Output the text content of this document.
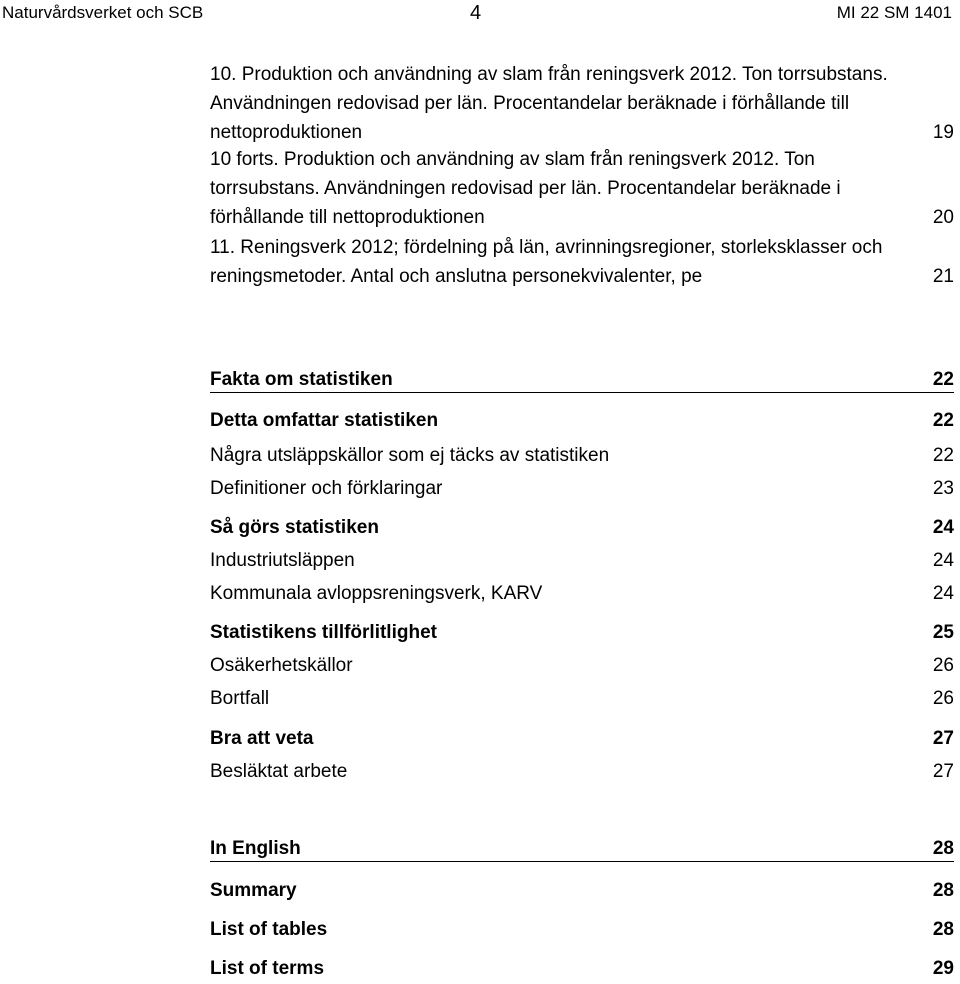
Naturvårdsverket och SCB	4	MI 22 SM 1401
10. Produktion och användning av slam från reningsverk 2012. Ton torrsubstans. Användningen redovisad per län. Procentandelar beräknade i förhållande till nettoproduktionen	19
10 forts. Produktion och användning av slam från reningsverk 2012. Ton torrsubstans. Användningen redovisad per län. Procentandelar beräknade i förhållande till nettoproduktionen	20
11. Reningsverk 2012; fördelning på län, avrinningsregioner, storleksklasser och reningsmetoder. Antal och anslutna personekvivalenter, pe	21
Fakta om statistiken	22
Detta omfattar statistiken	22
Några utsläppskällor som ej täcks av statistiken	22
Definitioner och förklaringar	23
Så görs statistiken	24
Industriutsläppen	24
Kommunala avloppsreningsverk, KARV	24
Statistikens tillförlitlighet	25
Osäkerhetskällor	26
Bortfall	26
Bra att veta	27
Besläktat arbete	27
In English	28
Summary	28
List of tables	28
List of terms	29
